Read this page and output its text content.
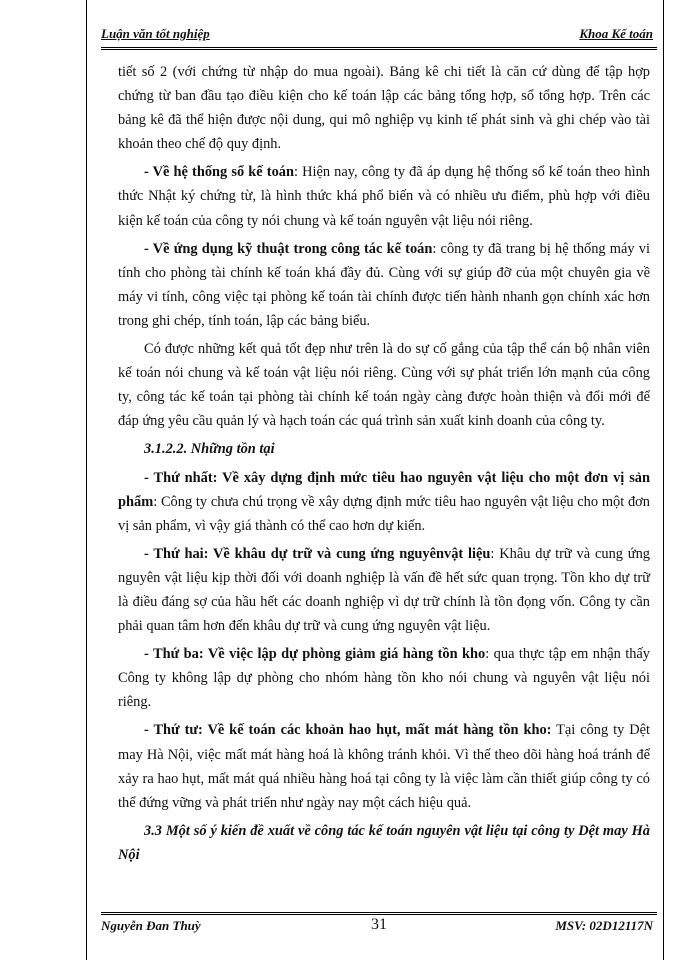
Luận văn tốt nghiệp	Khoa Kế toán

tiết số 2 (với chứng từ nhập do mua ngoài). Bảng kê chi tiết là căn cứ dùng để tập hợp chứng từ ban đầu tạo điều kiện cho kế toán lập các bảng tổng hợp, sổ tổng hợp. Trên các bảng kê đã thể hiện được nội dung, qui mô nghiệp vụ kinh tế phát sinh và ghi chép vào tài khoản theo chế độ quy định.

- Về hệ thống sổ kế toán: Hiện nay, công ty đã áp dụng hệ thống sổ kế toán theo hình thức Nhật ký chứng từ, là hình thức khá phổ biến và có nhiều ưu điểm, phù hợp với điều kiện kế toán của công ty nói chung và kế toán nguyên vật liệu nói riêng.

- Về ứng dụng kỹ thuật trong công tác kế toán: công ty đã trang bị hệ thống máy vi tính cho phòng tài chính kế toán khá đầy đủ. Cùng với sự giúp đỡ của một chuyên gia về máy vi tính, công việc tại phòng kế toán tài chính được tiến hành nhanh gọn chính xác hơn trong ghi chép, tính toán, lập các bảng biểu.

Có được những kết quả tốt đẹp như trên là do sự cố gắng của tập thể cán bộ nhân viên kế toán nói chung và kế toán vật liệu nói riêng. Cùng với sự phát triển lớn mạnh của công ty, công tác kế toán tại phòng tài chính kế toán ngày càng được hoàn thiện và đổi mới để đáp ứng yêu cầu quản lý và hạch toán các quá trình sản xuất kinh doanh của công ty.

3.1.2.2. Những tồn tại

- Thứ nhất: Về xây dựng định mức tiêu hao nguyên vật liệu cho một đơn vị sản phẩm: Công ty chưa chú trọng về xây dựng định mức tiêu hao nguyên vật liệu cho một đơn vị sản phẩm, vì vậy giá thành có thể cao hơn dự kiến.

- Thứ hai: Về khâu dự trữ và cung ứng nguyênvật liệu: Khâu dự trữ và cung ứng nguyên vật liệu kịp thời đối với doanh nghiệp là vấn đề hết sức quan trọng. Tồn kho dự trữ là điều đáng sợ của hầu hết các doanh nghiệp vì dự trữ chính là tồn đọng vốn. Công ty cần phải quan tâm hơn đến khâu dự trữ và cung ứng nguyên vật liệu.

- Thứ ba: Về việc lập dự phòng giảm giá hàng tồn kho: qua thực tập em nhận thấy Công ty không lập dự phòng cho nhóm hàng tồn kho nói chung và nguyên vật liệu nói riêng.

- Thứ tư: Về kế toán các khoản hao hụt, mất mát hàng tồn kho: Tại công ty Dệt may Hà Nội, việc mất mát hàng hoá là không tránh khỏi. Vì thế theo dõi hàng hoá tránh để xảy ra hao hụt, mất mát quá nhiều hàng hoá tại công ty là việc làm cần thiết giúp công ty có thể đứng vững và phát triển như ngày nay một cách hiệu quả.

3.3 Một số ý kiến đề xuất về công tác kế toán nguyên vật liệu tại công ty Dệt may Hà Nội

Nguyễn Đan Thuỳ	31	MSV: 02D12117N
